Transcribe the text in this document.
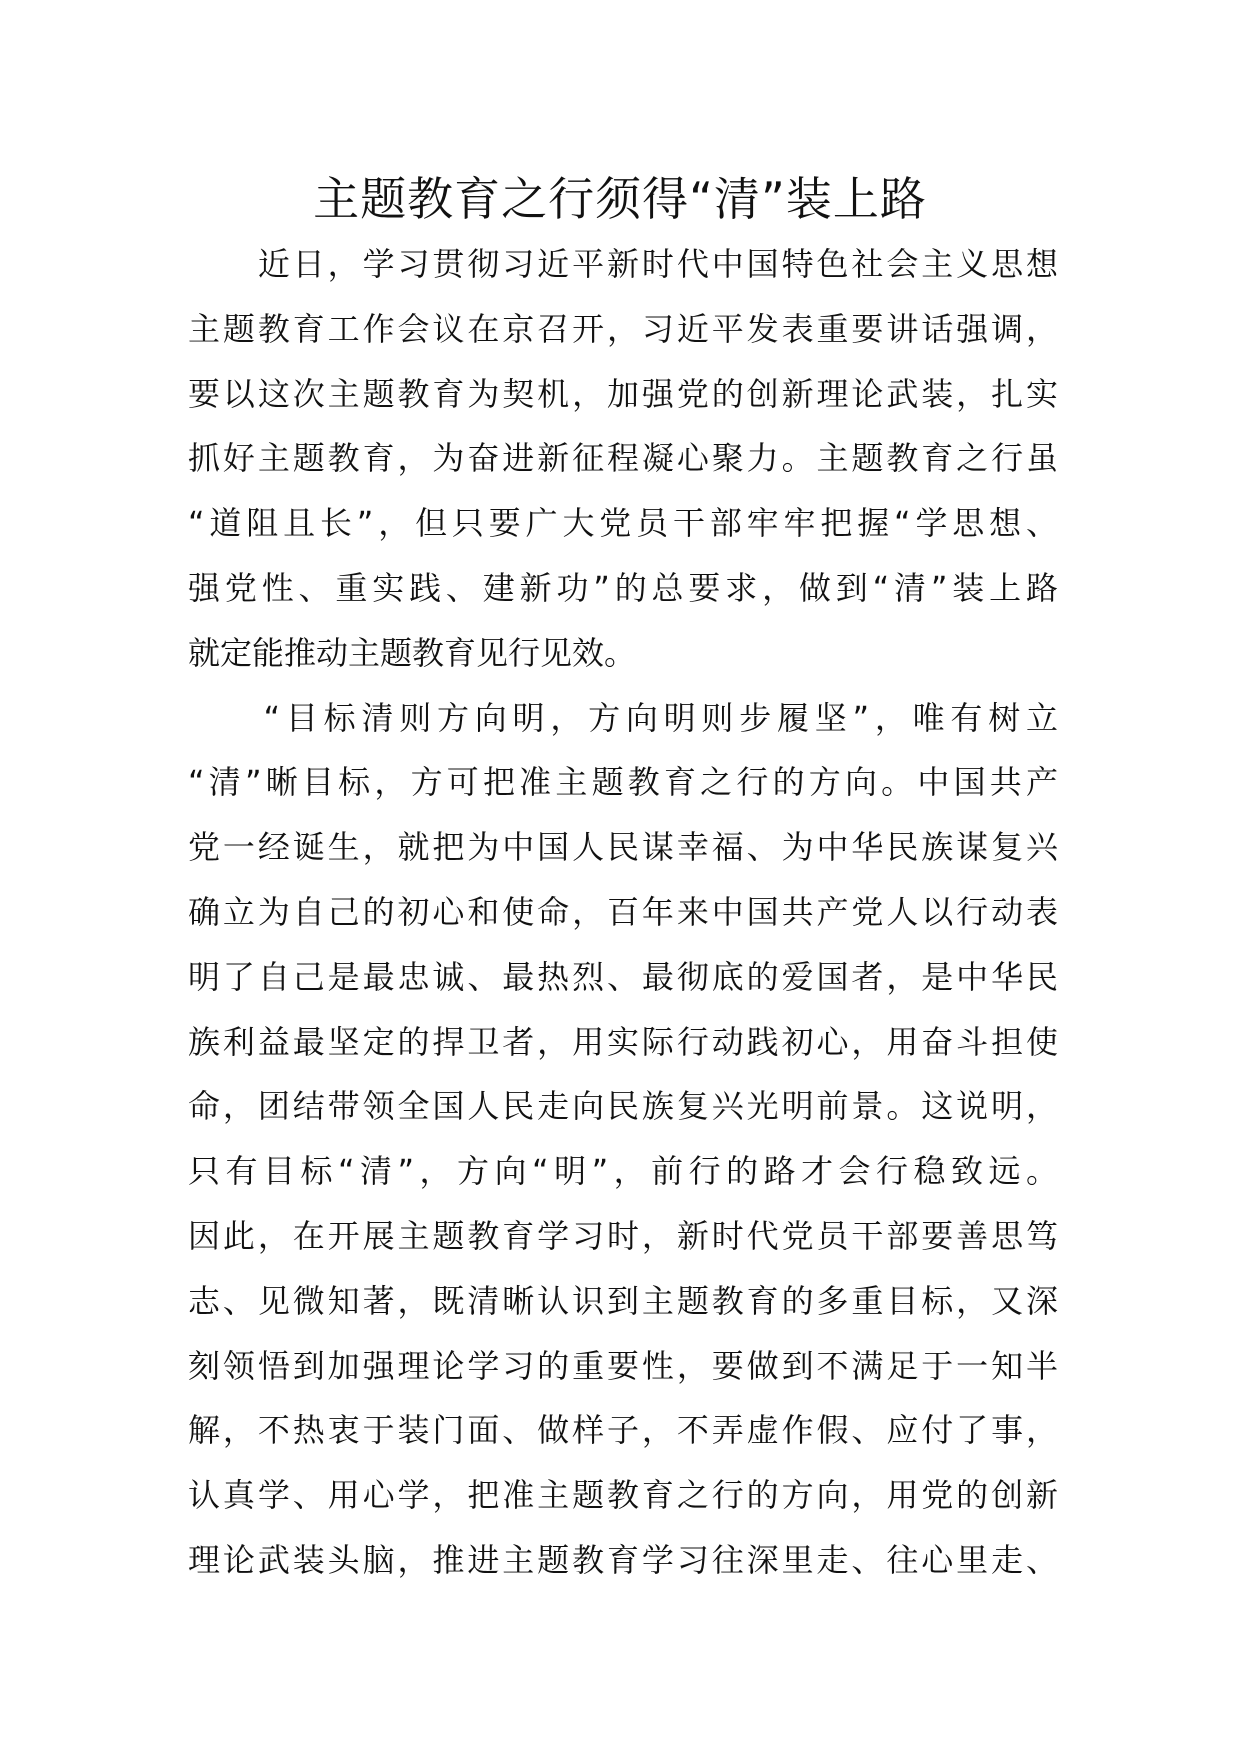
主题教育之行须得“清”装上路
　　近日，学习贯彻习近平新时代中国特色社会主义思想
主题教育工作会议在京召开，习近平发表重要讲话强调，
要以这次主题教育为契机，加强党的创新理论武装，扎实
抓好主题教育，为奋进新征程凝心聚力。主题教育之行虽
“道阻且长”，但只要广大党员干部牢牢把握“学思想、
强党性、重实践、建新功”的总要求，做到“清”装上路
就定能推动主题教育见行见效。
　　“目标清则方向明，方向明则步履坚”，唯有树立
“清”晰目标，方可把准主题教育之行的方向。中国共产
党一经诞生，就把为中国人民谋幸福、为中华民族谋复兴
确立为自己的初心和使命，百年来中国共产党人以行动表
明了自己是最忠诚、最热烈、最彻底的爱国者，是中华民
族利益最坚定的捍卫者，用实际行动践初心，用奋斗担使
命，团结带领全国人民走向民族复兴光明前景。这说明，
只有目标“清”，方向“明”，前行的路才会行稳致远。
因此，在开展主题教育学习时，新时代党员干部要善思笃
志、见微知著，既清晰认识到主题教育的多重目标，又深
刻领悟到加强理论学习的重要性，要做到不满足于一知半
解，不热衷于装门面、做样子，不弄虚作假、应付了事，
认真学、用心学，把准主题教育之行的方向，用党的创新
理论武装头脑，推进主题教育学习往深里走、往心里走、
